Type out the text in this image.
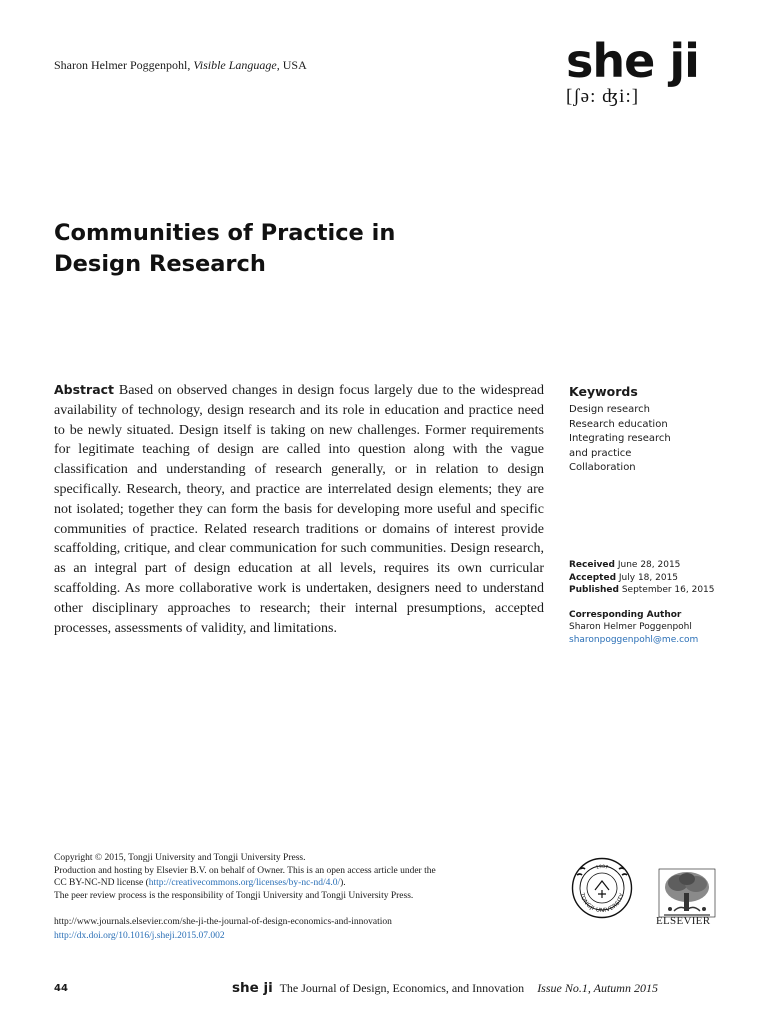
Sharon Helmer Poggenpohl, Visible Language, USA	she ji
[ʃə: ʤi:]
Communities of Practice in
Design Research
Abstract Based on observed changes in design focus largely due to the widespread availability of technology, design research and its role in education and practice need to be newly situated. Design itself is taking on new challenges. Former requirements for legitimate teaching of design are called into question along with the vague classification and understanding of research generally, or in relation to design specifically. Research, theory, and practice are interrelated design elements; they are not isolated; together they can form the basis for developing more useful and specific communities of practice. Related research traditions or domains of interest provide scaffolding, critique, and clear communication for such communities. Design research, as an integral part of design education at all levels, requires its own curricular scaffolding. As more collaborative work is undertaken, designers need to understand other disciplinary approaches to research; their internal presumptions, accepted processes, assessments of validity, and limitations.
Keywords
Design research
Research education
Integrating research
and practice
Collaboration
Received June 28, 2015
Accepted July 18, 2015
Published September 16, 2015
Corresponding Author
Sharon Helmer Poggenpohl
sharonpoggenpohl@me.com
Copyright © 2015, Tongji University and Tongji University Press.
Production and hosting by Elsevier B.V. on behalf of Owner. This is an open access article under the
CC BY-NC-ND license (http://creativecommons.org/licenses/by-nc-nd/4.0/).
The peer review process is the responsibility of Tongji University and Tongji University Press.
http://www.journals.elsevier.com/she-ji-the-journal-of-design-economics-and-innovation
http://dx.doi.org/10.1016/j.sheji.2015.07.002
TONGJI UNIVERSITY
1907
ELSEVIER
44	she ji The Journal of Design, Economics, and Innovation Issue No.1, Autumn 2015
